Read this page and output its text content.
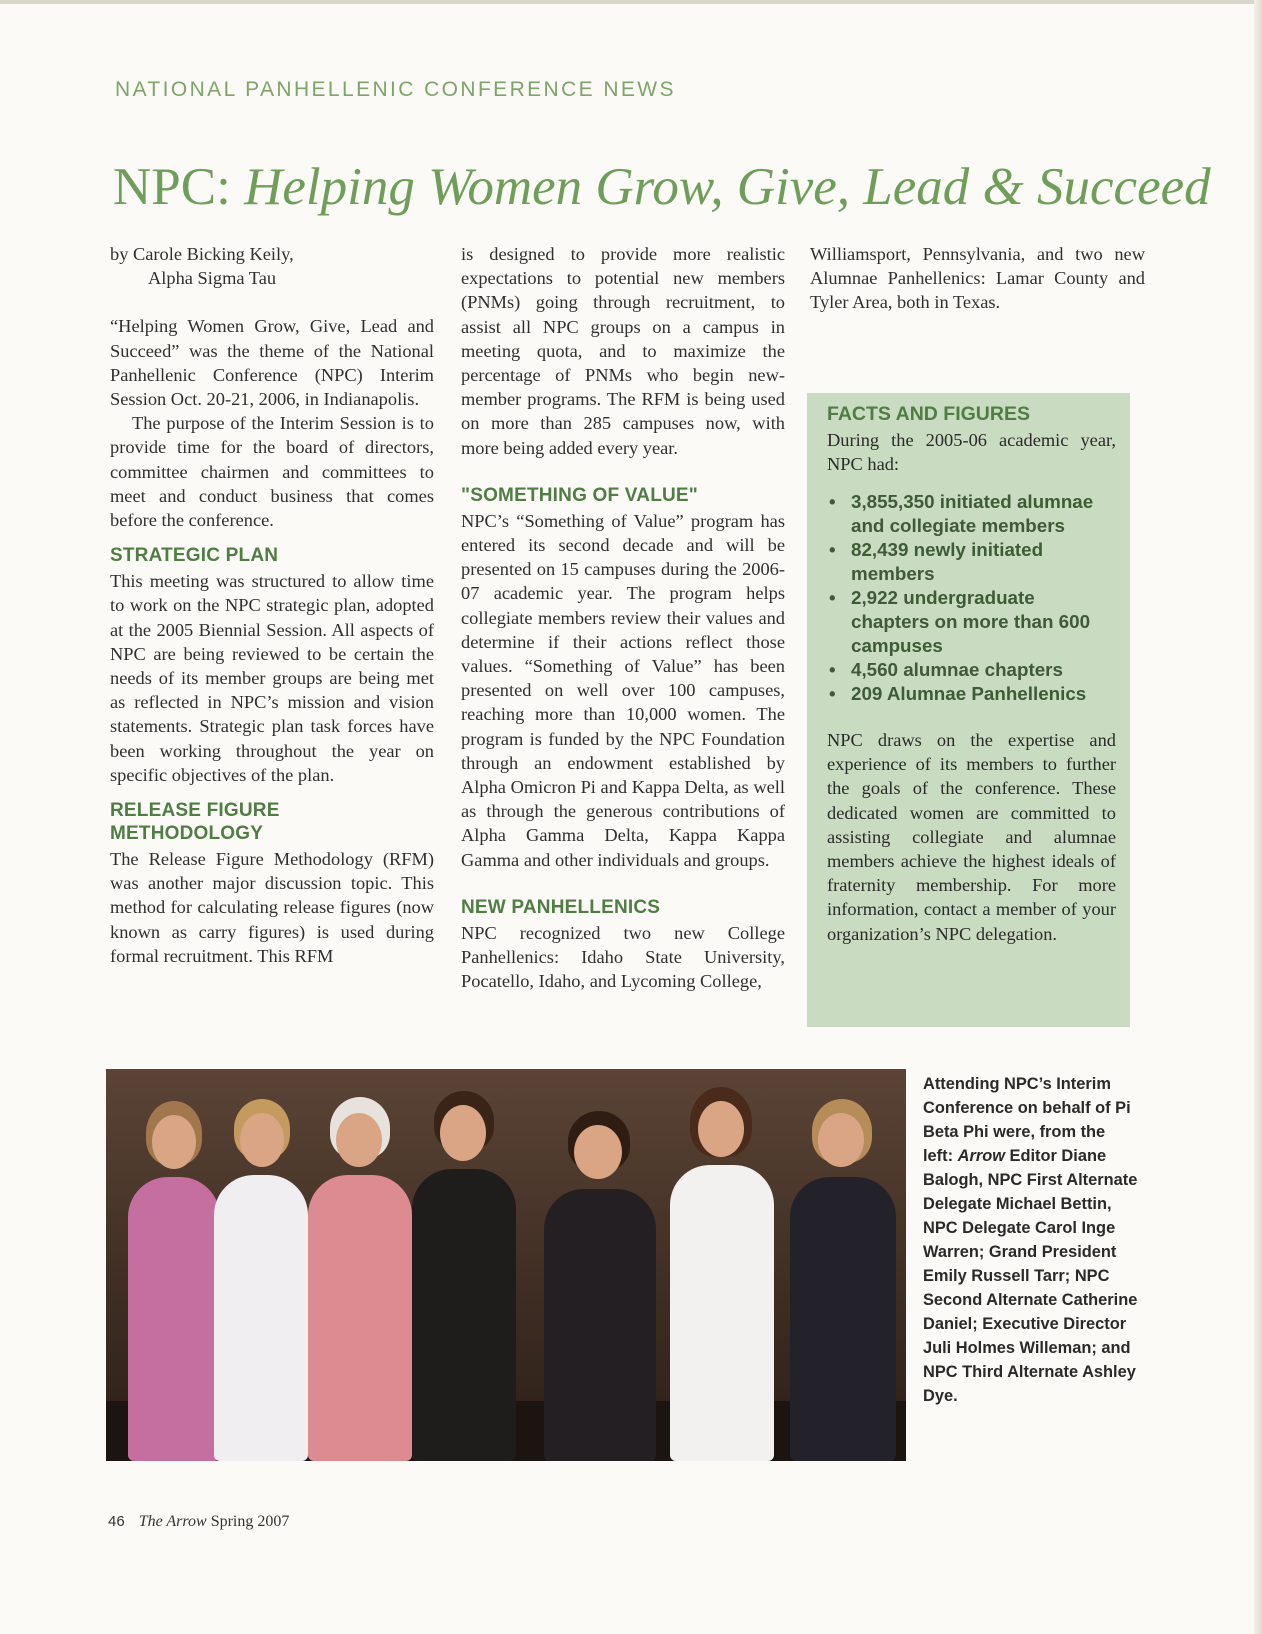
NATIONAL PANHELLENIC CONFERENCE NEWS
NPC: Helping Women Grow, Give, Lead & Succeed

by Carole Bicking Keily,
Alpha Sigma Tau

“Helping Women Grow, Give, Lead and Succeed” was the theme of the National Panhellenic Conference (NPC) Interim Session Oct. 20-21, 2006, in Indianapolis.

The purpose of the Interim Session is to provide time for the board of directors, committee chairmen and committees to meet and conduct business that comes before the conference.

STRATEGIC PLAN

This meeting was structured to allow time to work on the NPC strategic plan, adopted at the 2005 Biennial Session. All aspects of NPC are being reviewed to be certain the needs of its member groups are being met as reflected in NPC’s mission and vision statements. Strategic plan task forces have been working throughout the year on specific objectives of the plan.

RELEASE FIGURE METHODOLOGY

The Release Figure Methodology (RFM) was another major discussion topic. This method for calculating release figures (now known as carry figures) is used during formal recruitment. This RFM

is designed to provide more realistic expectations to potential new members (PNMs) going through recruitment, to assist all NPC groups on a campus in meeting quota, and to maximize the percentage of PNMs who begin new-member programs. The RFM is being used on more than 285 campuses now, with more being added every year.

"SOMETHING OF VALUE"

NPC’s “Something of Value” program has entered its second decade and will be presented on 15 campuses during the 2006-07 academic year. The program helps collegiate members review their values and determine if their actions reflect those values. “Something of Value” has been presented on well over 100 campuses, reaching more than 10,000 women. The program is funded by the NPC Foundation through an endowment established by Alpha Omicron Pi and Kappa Delta, as well as through the generous contributions of Alpha Gamma Delta, Kappa Kappa Gamma and other individuals and groups.

NEW PANHELLENICS

NPC recognized two new College Panhellenics: Idaho State University, Pocatello, Idaho, and Lycoming College,

Williamsport, Pennsylvania, and two new Alumnae Panhellenics: Lamar County and Tyler Area, both in Texas.

FACTS AND FIGURES

During the 2005-06 academic year, NPC had:

• 3,855,350 initiated alumnae and collegiate members
• 82,439 newly initiated members
• 2,922 undergraduate chapters on more than 600 campuses
• 4,560 alumnae chapters
• 209 Alumnae Panhellenics

NPC draws on the expertise and experience of its members to further the goals of the conference. These dedicated women are committed to assisting collegiate and alumnae members achieve the highest ideals of fraternity membership. For more information, contact a member of your organization’s NPC delegation.

Attending NPC’s Interim Conference on behalf of Pi Beta Phi were, from the left: Arrow Editor Diane Balogh, NPC First Alternate Delegate Michael Bettin, NPC Delegate Carol Inge Warren; Grand President Emily Russell Tarr; NPC Second Alternate Catherine Daniel; Executive Director Juli Holmes Willeman; and NPC Third Alternate Ashley Dye.
46 The Arrow Spring 2007
